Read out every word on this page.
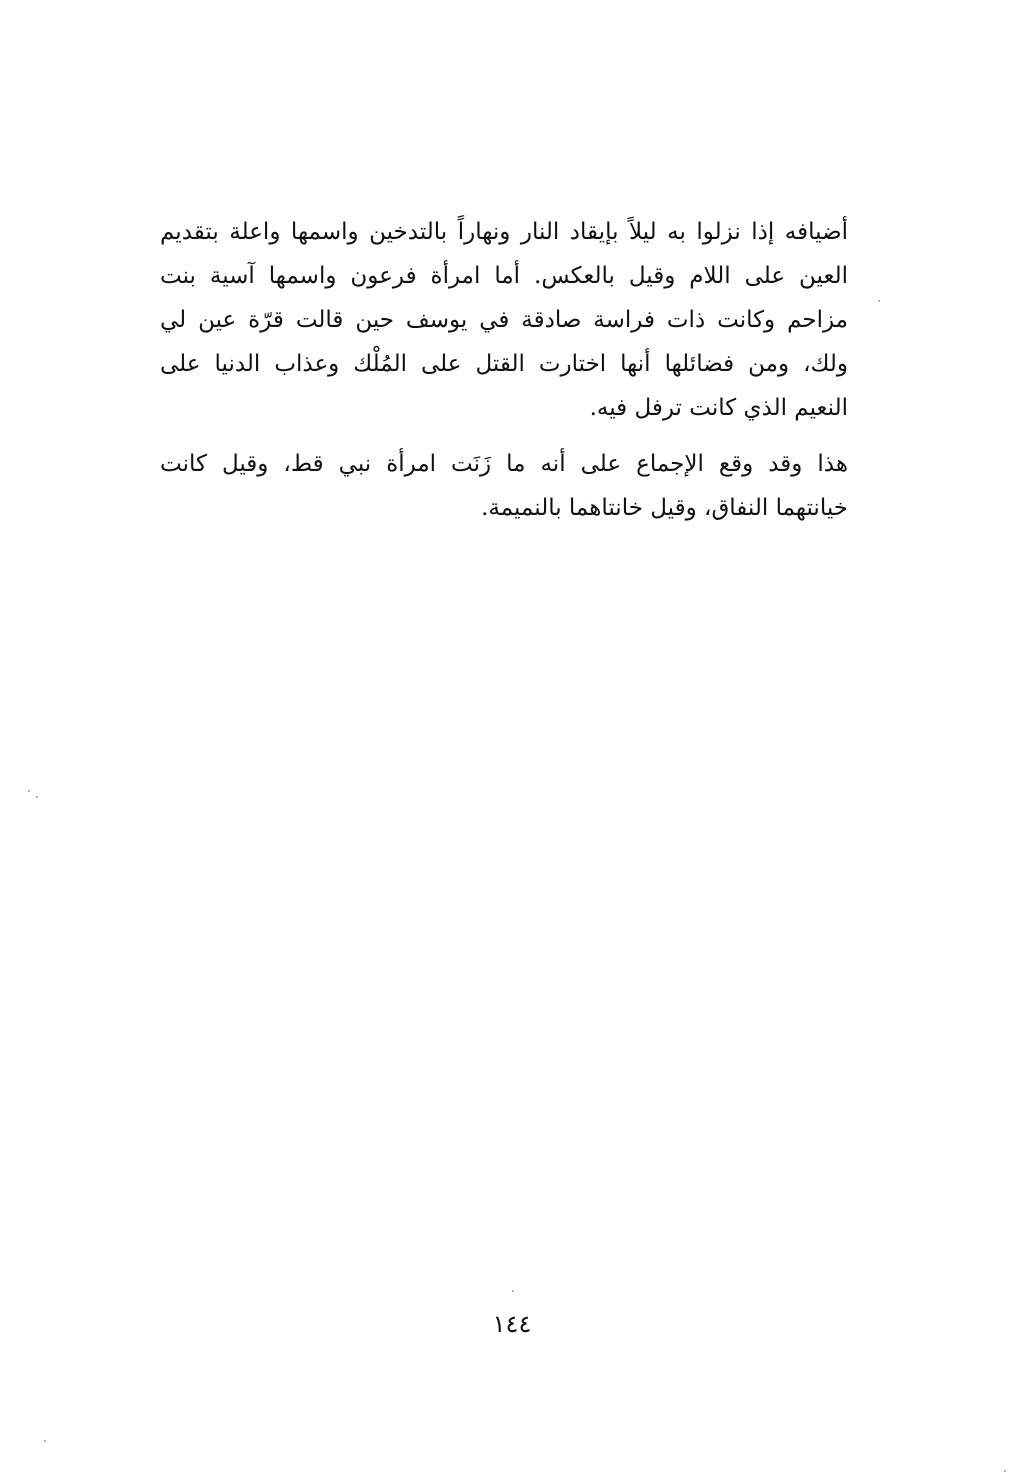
أضيافه إذا نزلوا به ليلاً بإيقاد النار ونهاراً بالتدخين واسمها واعلة بتقديم
العين على اللام وقيل بالعكس. أما امرأة فرعون واسمها آسية بنت
مزاحم وكانت ذات فراسة صادقة في يوسف حين قالت قرّة عين لي
ولك، ومن فضائلها أنها اختارت القتل على المُلْك وعذاب الدنيا على
النعيم الذي كانت ترفل فيه.
هذا وقد وقع الإجماع على أنه ما زَنَت امرأة نبي قط، وقيل كانت
خيانتهما النفاق، وقيل خانتاهما بالنميمة.
١٤٤
